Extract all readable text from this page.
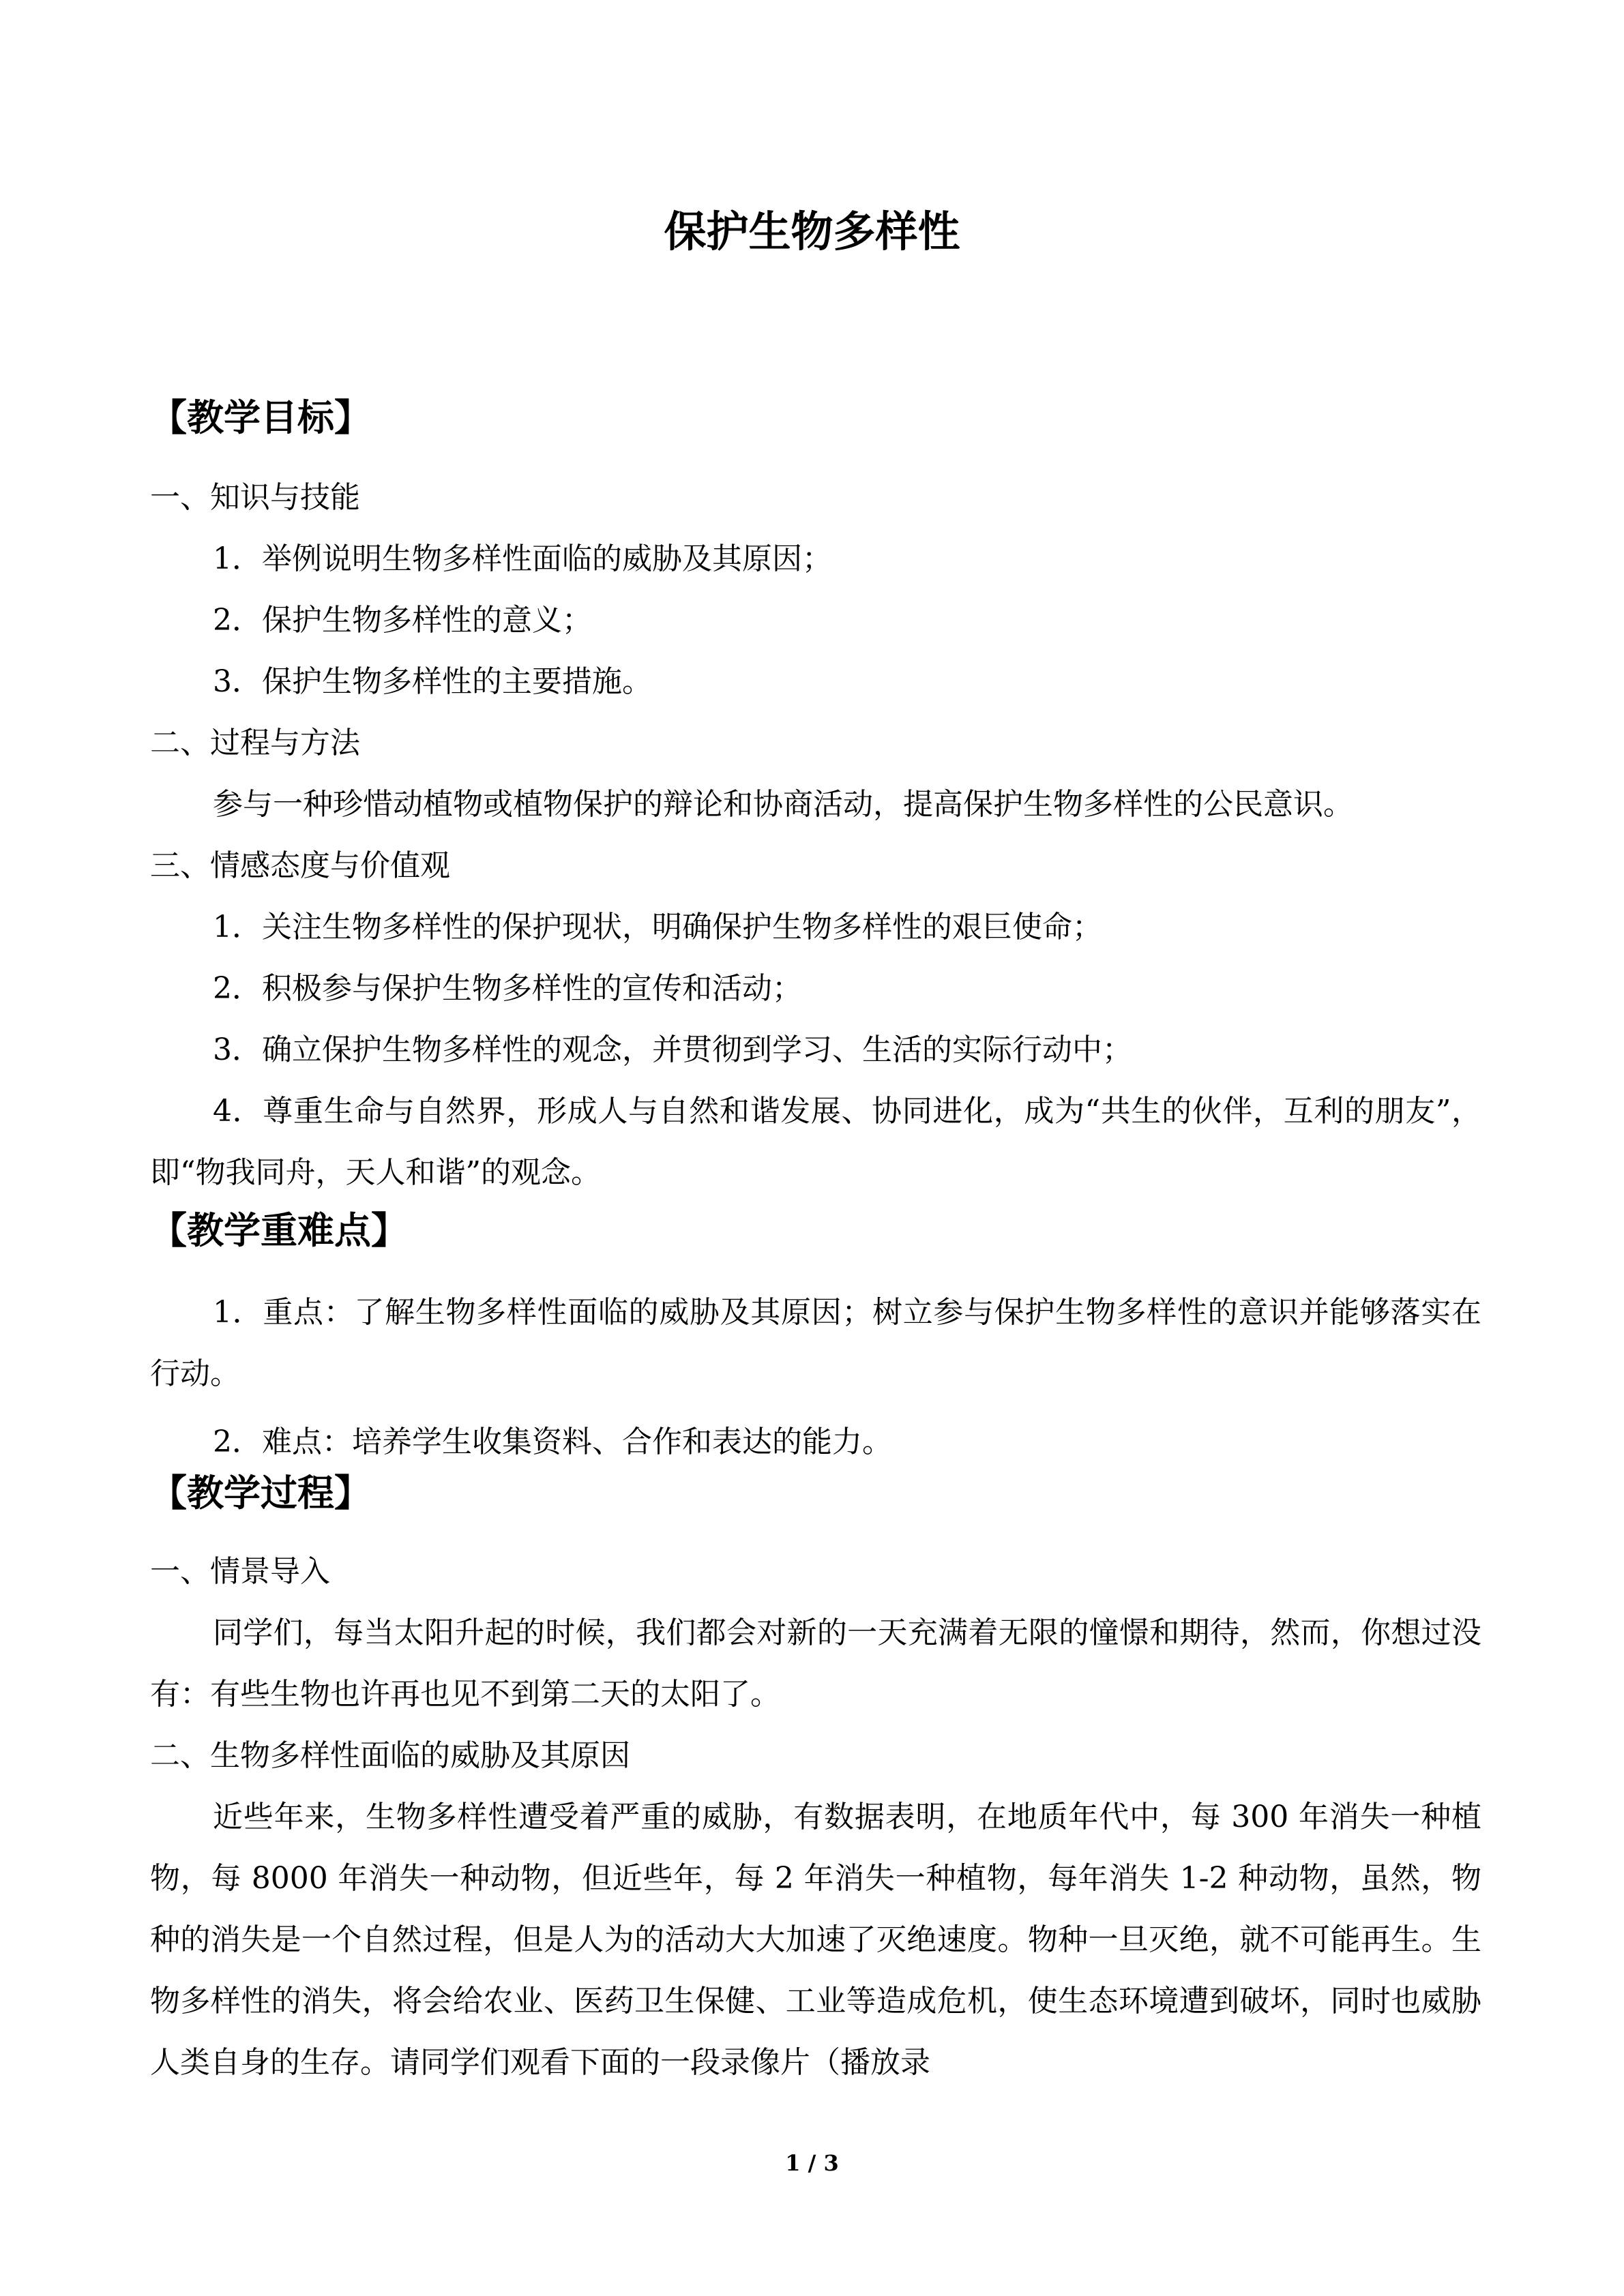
保护生物多样性
【教学目标】

一、知识与技能

1．举例说明生物多样性面临的威胁及其原因；

2．保护生物多样性的意义；

3．保护生物多样性的主要措施。

二、过程与方法

参与一种珍惜动植物或植物保护的辩论和协商活动，提高保护生物多样性的公民意识。

三、情感态度与价值观

1．关注生物多样性的保护现状，明确保护生物多样性的艰巨使命；

2．积极参与保护生物多样性的宣传和活动；

3．确立保护生物多样性的观念，并贯彻到学习、生活的实际行动中；

4．尊重生命与自然界，形成人与自然和谐发展、协同进化，成为“共生的伙伴，互利的朋友”，即“物我同舟，天人和谐”的观念。

【教学重难点】

1．重点：了解生物多样性面临的威胁及其原因；树立参与保护生物多样性的意识并能够落实在行动。

2．难点：培养学生收集资料、合作和表达的能力。

【教学过程】

一、情景导入

同学们，每当太阳升起的时候，我们都会对新的一天充满着无限的憧憬和期待，然而，你想过没有：有些生物也许再也见不到第二天的太阳了。

二、生物多样性面临的威胁及其原因

近些年来，生物多样性遭受着严重的威胁，有数据表明，在地质年代中，每 300 年消失一种植物，每 8000 年消失一种动物，但近些年，每 2 年消失一种植物，每年消失 1-2 种动物，虽然，物种的消失是一个自然过程，但是人为的活动大大加速了灭绝速度。物种一旦灭绝，就不可能再生。生物多样性的消失，将会给农业、医药卫生保健、工业等造成危机，使生态环境遭到破坏，同时也威胁人类自身的生存。请同学们观看下面的一段录像片（播放录

1 / 3
